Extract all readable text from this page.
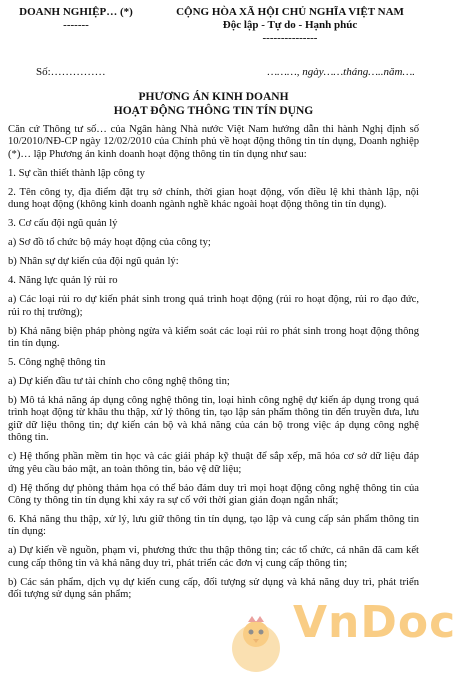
DOANH NGHIỆP… (*)
-------
CỘNG HÒA XÃ HỘI CHỦ NGHĨA VIỆT NAM
Độc lập - Tự do - Hạnh phúc
---------------
Số:……………	………, ngày……tháng…..năm….
PHƯƠNG ÁN KINH DOANH
HOẠT ĐỘNG THÔNG TIN TÍN DỤNG

Căn cứ Thông tư số… của Ngân hàng Nhà nước Việt Nam hướng dẫn thi hành Nghị định số 10/2010/NĐ-CP ngày 12/02/2010 của Chính phủ về hoạt động thông tin tín dụng, Doanh nghiệp (*)… lập Phương án kinh doanh hoạt động thông tin tín dụng như sau:

1. Sự cần thiết thành lập công ty

2. Tên công ty, địa điểm đặt trụ sở chính, thời gian hoạt động, vốn điều lệ khi thành lập, nội dung hoạt động (không kinh doanh ngành nghề khác ngoài hoạt động thông tin tín dụng).

3. Cơ cấu đội ngũ quản lý

a) Sơ đồ tổ chức bộ máy hoạt động của công ty;

b) Nhân sự dự kiến của đội ngũ quản lý:

4. Năng lực quản lý rủi ro

a) Các loại rủi ro dự kiến phát sinh trong quá trình hoạt động (rủi ro hoạt động, rủi ro đạo đức, rủi ro thị trường);

b) Khả năng biện pháp phòng ngừa và kiểm soát các loại rủi ro phát sinh trong hoạt động thông tin tín dụng.

5. Công nghệ thông tin

a) Dự kiến đầu tư tài chính cho công nghệ thông tin;

b) Mô tả khả năng áp dụng công nghệ thông tin, loại hình công nghệ dự kiến áp dụng trong quá trình hoạt động từ khâu thu thập, xử lý thông tin, tạo lập sản phẩm thông tin đến truyền đưa, lưu giữ dữ liệu thông tin; dự kiến cán bộ và khả năng của cán bộ trong việc áp dụng công nghệ thông tin.

c) Hệ thống phần mềm tin học và các giải pháp kỹ thuật để sắp xếp, mã hóa cơ sở dữ liệu đáp ứng yêu cầu bảo mật, an toàn thông tin, bảo vệ dữ liệu;

d) Hệ thống dự phòng thảm họa có thể bảo đảm duy trì mọi hoạt động công nghệ thông tin của Công ty thông tin tín dụng khi xảy ra sự cố với thời gian gián đoạn ngắn nhất;

6. Khả năng thu thập, xử lý, lưu giữ thông tin tín dụng, tạo lập và cung cấp sản phẩm thông tin tín dụng:

a) Dự kiến về nguồn, phạm vi, phương thức thu thập thông tin; các tổ chức, cá nhân đã cam kết cung cấp thông tin và khả năng duy trì, phát triển các đơn vị cung cấp thông tin;

b) Các sản phẩm, dịch vụ dự kiến cung cấp, đối tượng sử dụng và khả năng duy trì, phát triển đối tượng sử dụng sản phẩm;

VnDoc
